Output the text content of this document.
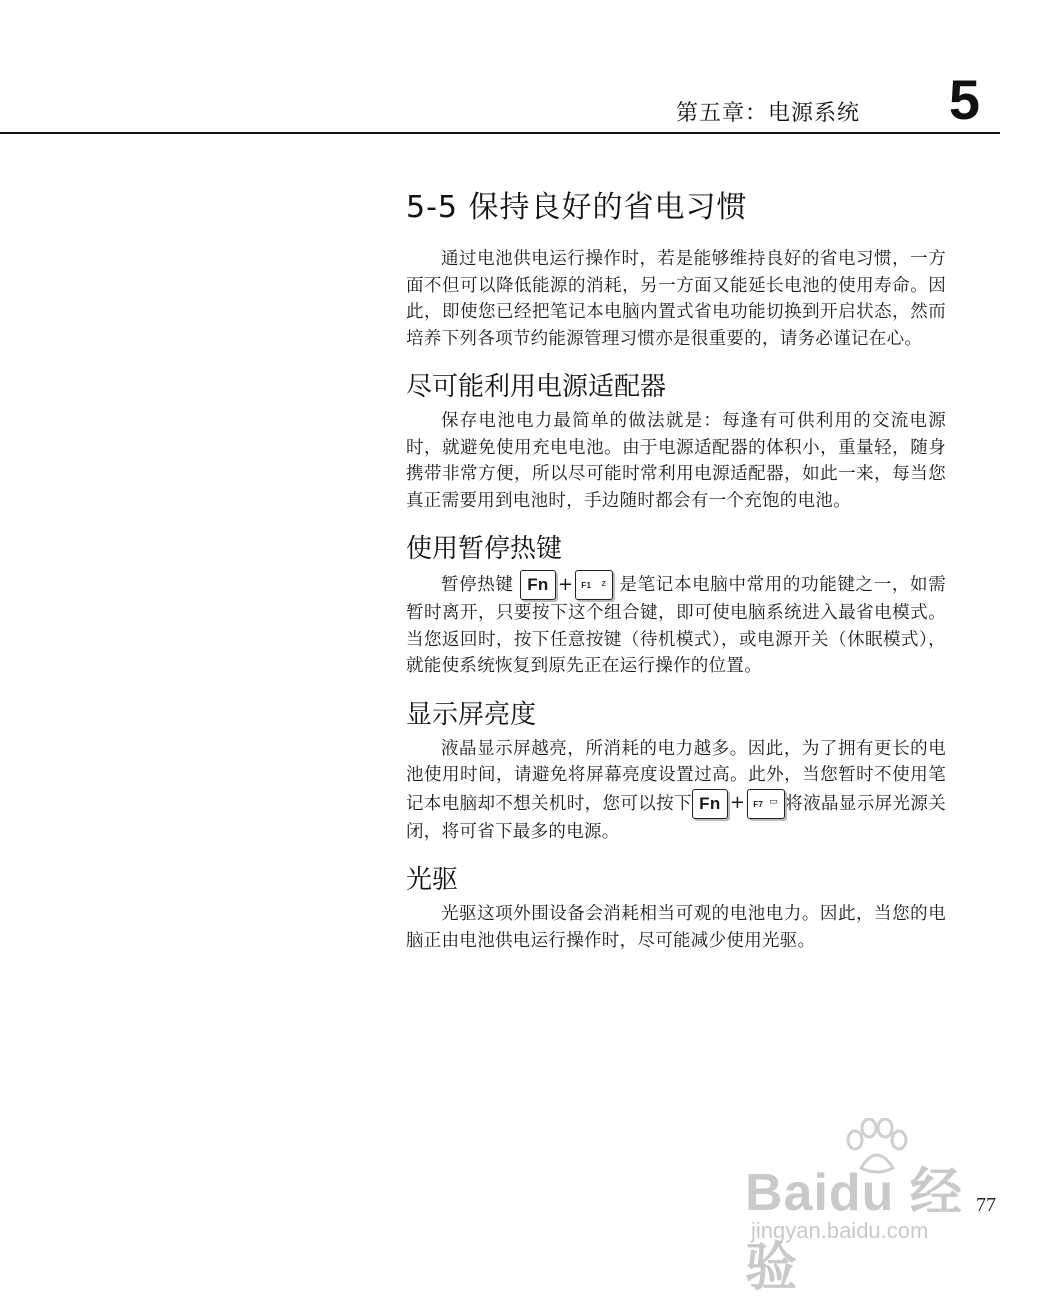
第五章：电源系统 5
5-5 保持良好的省电习惯

通过电池供电运行操作时，若是能够维持良好的省电习惯，一方面不但可以降低能源的消耗，另一方面又能延长电池的使用寿命。因此，即使您已经把笔记本电脑内置式省电功能切换到开启状态，然而培养下列各项节约能源管理习惯亦是很重要的，请务必谨记在心。

尽可能利用电源适配器

保存电池电力最简单的做法就是：每逢有可供利用的交流电源时，就避免使用充电电池。由于电源适配器的体积小，重量轻，随身携带非常方便，所以尽可能时常利用电源适配器，如此一来，每当您真正需要用到电池时，手边随时都会有一个充饱的电池。

使用暂停热键

暂停热键 Fn + F1 z 是笔记本电脑中常用的功能键之一，如需暂时离开，只要按下这个组合键，即可使电脑系统进入最省电模式。当您返回时，按下任意按键（待机模式），或电源开关（休眠模式），就能使系统恢复到原先正在运行操作的位置。

显示屏亮度

液晶显示屏越亮，所消耗的电力越多。因此，为了拥有更长的电池使用时间，请避免将屏幕亮度设置过高。此外，当您暂时不使用笔记本电脑却不想关机时，您可以按下 Fn + F7 ▭ 将液晶显示屏光源关闭，将可省下最多的电源。

光驱

光驱这项外围设备会消耗相当可观的电池电力。因此，当您的电脑正由电池供电运行操作时，尽可能减少使用光驱。

Baidu 经验
jingyan.baidu.com
77
